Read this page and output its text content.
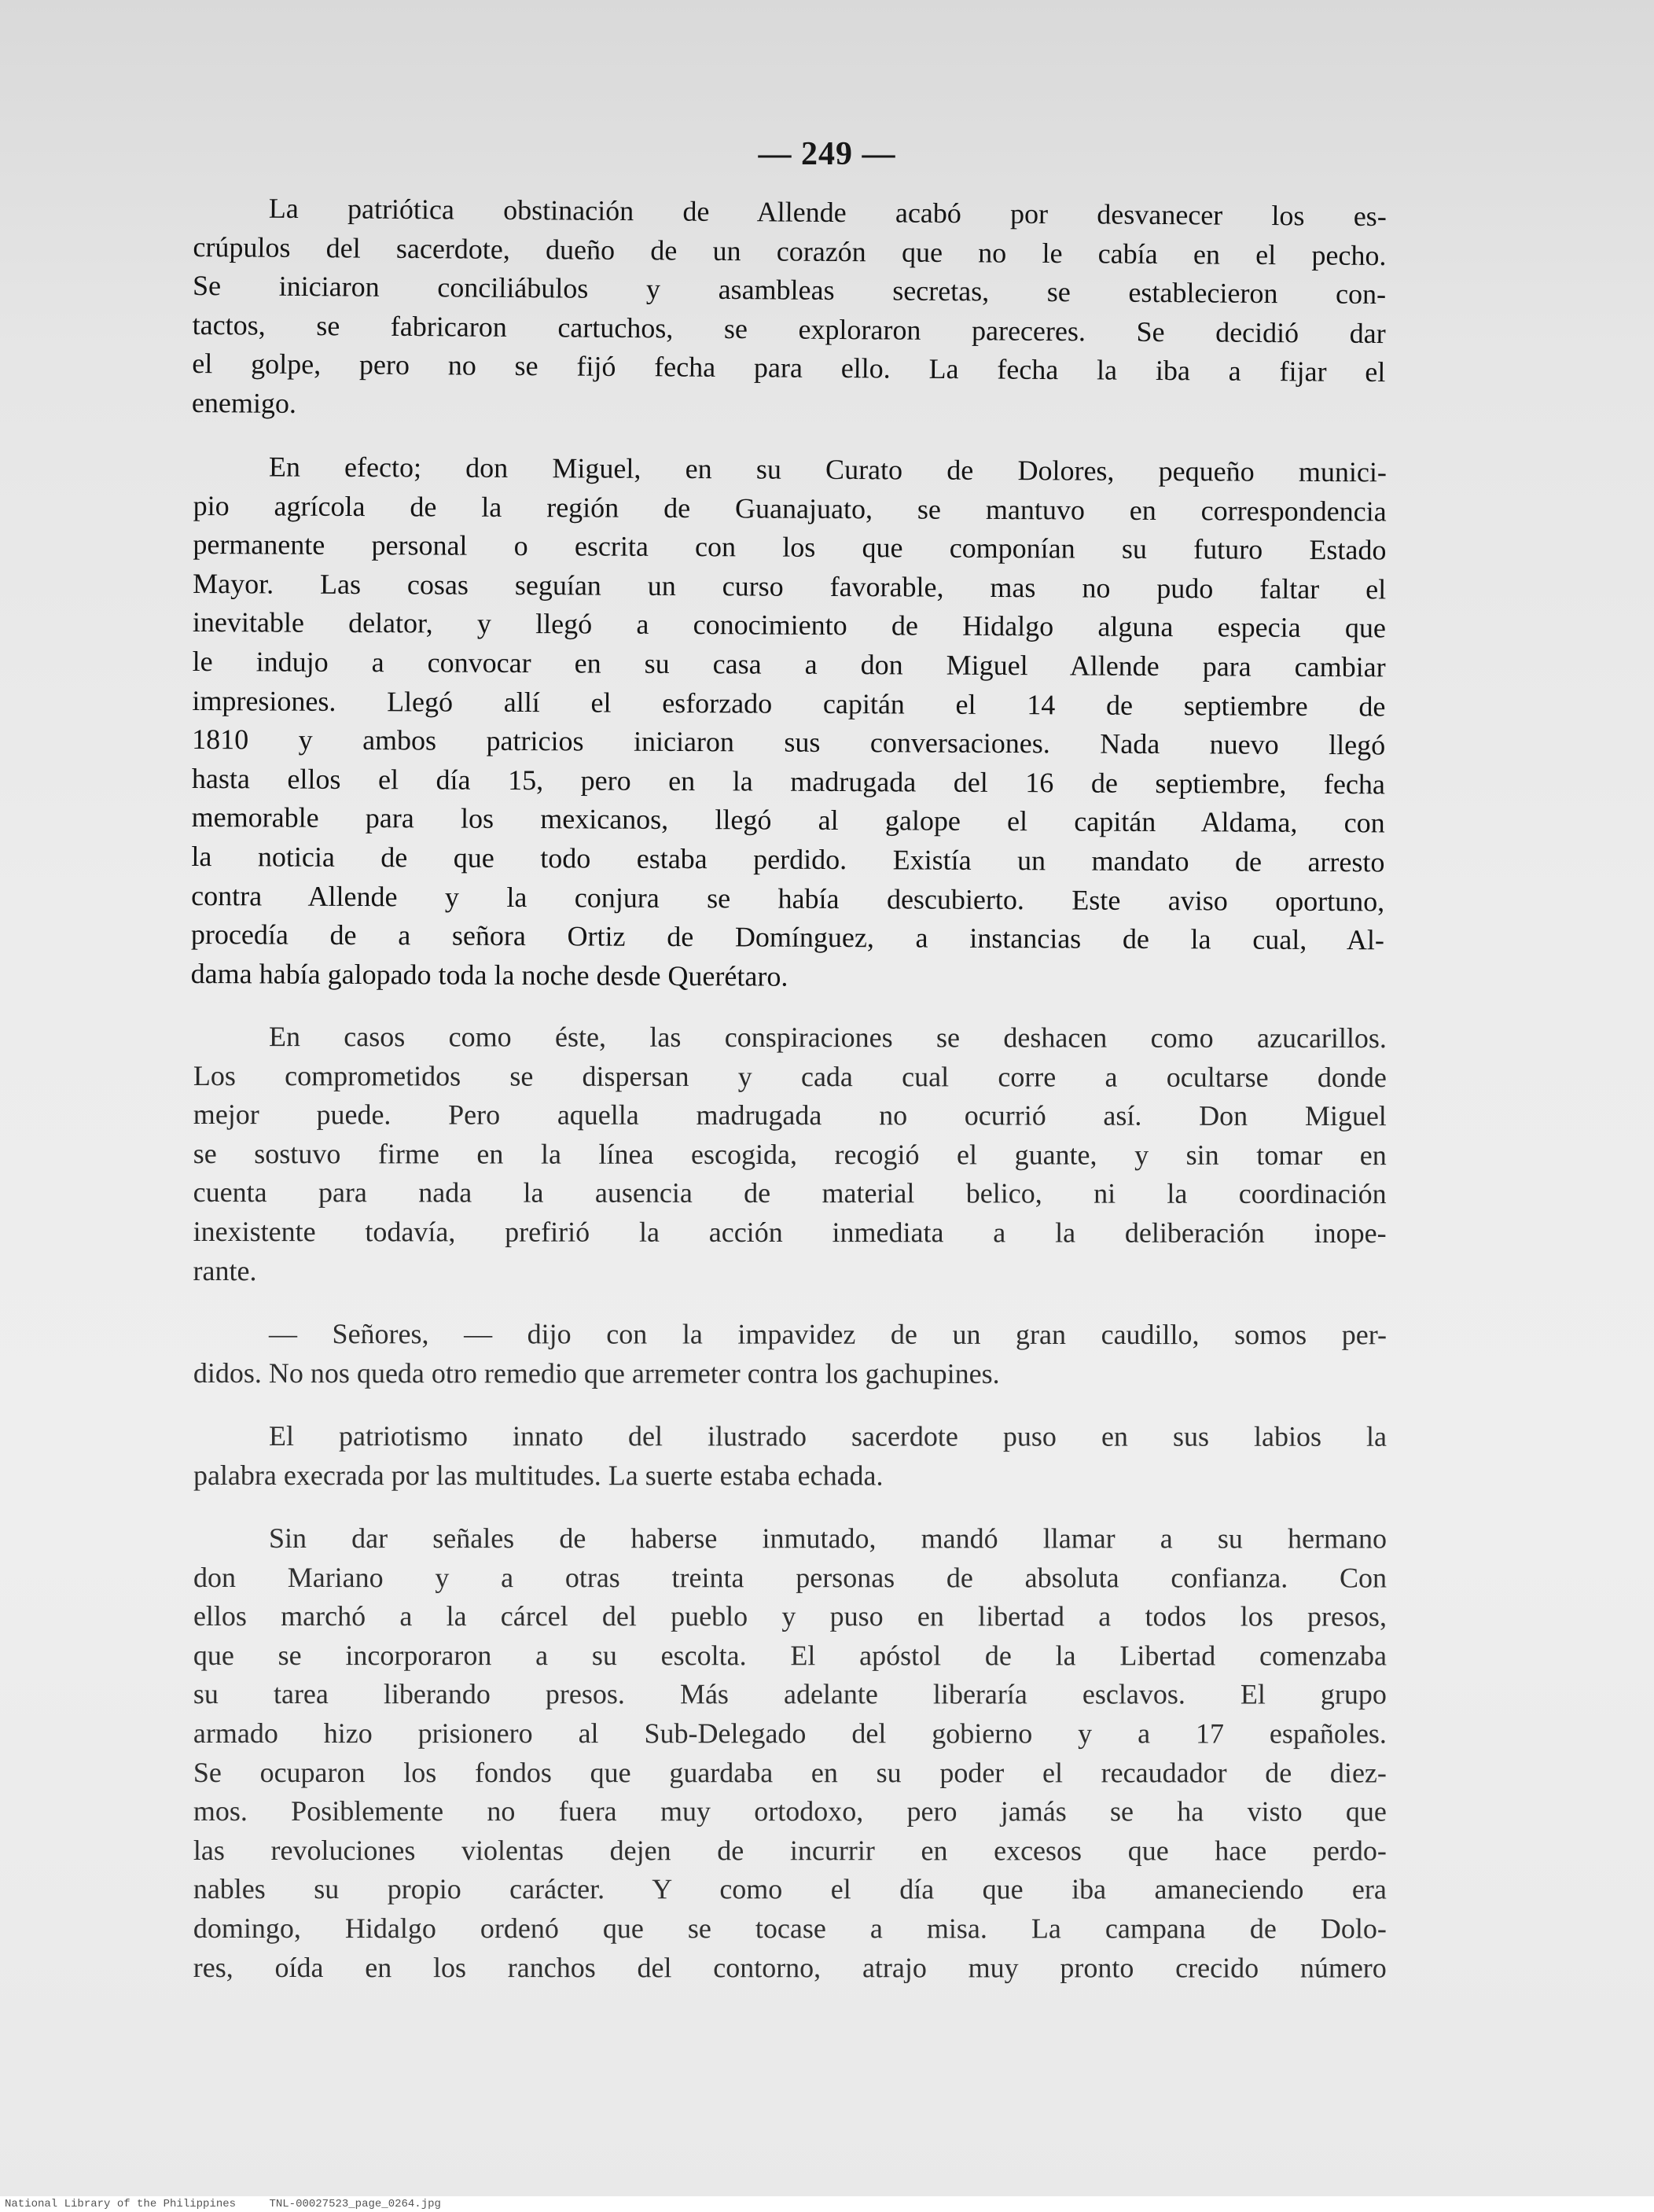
— 249 —
La patriótica obstinación de Allende acabó por desvanecer los es-
crúpulos del sacerdote, dueño de un corazón que no le cabía en el pecho.
Se iniciaron conciliábulos y asambleas secretas, se establecieron con-
tactos, se fabricaron cartuchos, se exploraron pareceres. Se decidió dar
el golpe, pero no se fijó fecha para ello. La fecha la iba a fijar el
enemigo.
En efecto; don Miguel, en su Curato de Dolores, pequeño munici-
pio agrícola de la región de Guanajuato, se mantuvo en correspondencia
permanente personal o escrita con los que componían su futuro Estado
Mayor. Las cosas seguían un curso favorable, mas no pudo faltar el
inevitable delator, y llegó a conocimiento de Hidalgo alguna especia que
le indujo a convocar en su casa a don Miguel Allende para cambiar
impresiones. Llegó allí el esforzado capitán el 14 de septiembre de
1810 y ambos patricios iniciaron sus conversaciones. Nada nuevo llegó
hasta ellos el día 15, pero en la madrugada del 16 de septiembre, fecha
memorable para los mexicanos, llegó al galope el capitán Aldama, con
la noticia de que todo estaba perdido. Existía un mandato de arresto
contra Allende y la conjura se había descubierto. Este aviso oportuno,
procedía de a señora Ortiz de Domínguez, a instancias de la cual, Al-
dama había galopado toda la noche desde Querétaro.
En casos como éste, las conspiraciones se deshacen como azucarillos.
Los comprometidos se dispersan y cada cual corre a ocultarse donde
mejor puede. Pero aquella madrugada no ocurrió así. Don Miguel
se sostuvo firme en la línea escogida, recogió el guante, y sin tomar en
cuenta para nada la ausencia de material belico, ni la coordinación
inexistente todavía, prefirió la acción inmediata a la deliberación inope-
rante.
— Señores, — dijo con la impavidez de un gran caudillo, somos per-
didos. No nos queda otro remedio que arremeter contra los gachupines.
El patriotismo innato del ilustrado sacerdote puso en sus labios la
palabra execrada por las multitudes. La suerte estaba echada.
Sin dar señales de haberse inmutado, mandó llamar a su hermano
don Mariano y a otras treinta personas de absoluta confianza. Con
ellos marchó a la cárcel del pueblo y puso en libertad a todos los presos,
que se incorporaron a su escolta. El apóstol de la Libertad comenzaba
su tarea liberando presos. Más adelante liberaría esclavos. El grupo
armado hizo prisionero al Sub-Delegado del gobierno y a 17 españoles.
Se ocuparon los fondos que guardaba en su poder el recaudador de diez-
mos. Posiblemente no fuera muy ortodoxo, pero jamás se ha visto que
las revoluciones violentas dejen de incurrir en excesos que hace perdo-
nables su propio carácter. Y como el día que iba amaneciendo era
domingo, Hidalgo ordenó que se tocase a misa. La campana de Dolo-
res, oída en los ranchos del contorno, atrajo muy pronto crecido número
National Library of the Philippines	TNL-00027523_page_0264.jpg
